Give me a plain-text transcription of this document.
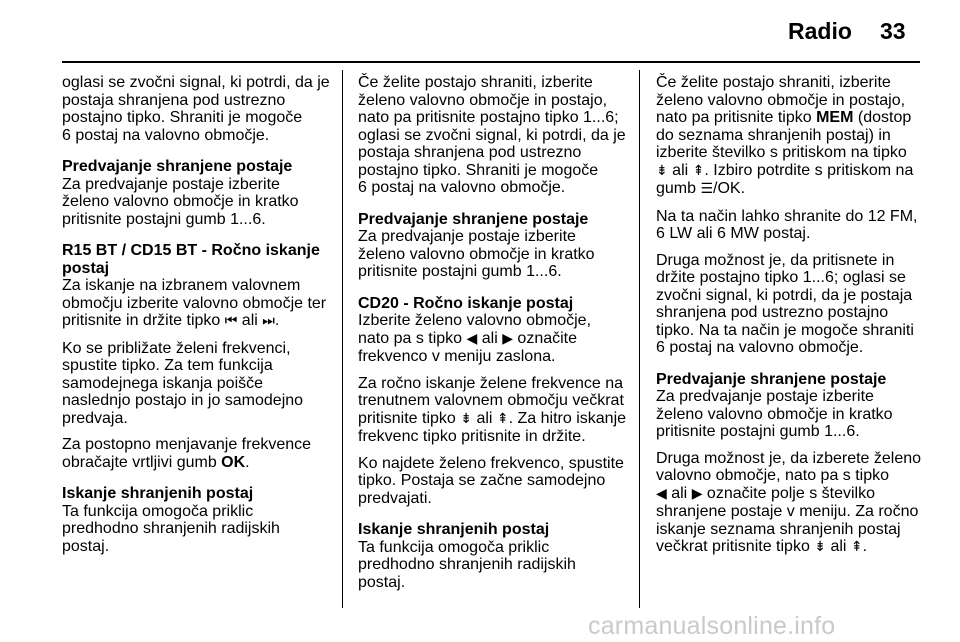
Radio 33

oglasi se zvočni signal, ki potrdi, da je
postaja shranjena pod ustrezno
postajno tipko. Shraniti je mogoče
6 postaj na valovno območje.

Predvajanje shranjene postaje

Za predvajanje postaje izberite
želeno valovno območje in kratko
pritisnite postajni gumb 1...6.

R15 BT / CD15 BT - Ročno iskanje
postaj

Za iskanje na izbranem valovnem
območju izberite valovno območje ter
pritisnite in držite tipko ⏮ ali ⏭.

Ko se približate želeni frekvenci,
spustite tipko. Za tem funkcija
samodejnega iskanja poišče
naslednjo postajo in jo samodejno
predvaja.

Za postopno menjavanje frekvence
obračajte vrtljivi gumb OK.

Iskanje shranjenih postaj

Ta funkcija omogoča priklic
predhodno shranjenih radijskih
postaj.

Če želite postajo shraniti, izberite
želeno valovno območje in postajo,
nato pa pritisnite postajno tipko 1...6;
oglasi se zvočni signal, ki potrdi, da je
postaja shranjena pod ustrezno
postajno tipko. Shraniti je mogoče
6 postaj na valovno območje.

Predvajanje shranjene postaje

Za predvajanje postaje izberite
želeno valovno območje in kratko
pritisnite postajni gumb 1...6.

CD20 - Ročno iskanje postaj

Izberite želeno valovno območje,
nato pa s tipko ◀ ali ▶ označite
frekvenco v meniju zaslona.

Za ročno iskanje želene frekvence na
trenutnem valovnem območju večkrat
pritisnite tipko ⇟ ali ⇞. Za hitro iskanje
frekvenc tipko pritisnite in držite.

Ko najdete želeno frekvenco, spustite
tipko. Postaja se začne samodejno
predvajati.

Iskanje shranjenih postaj

Ta funkcija omogoča priklic
predhodno shranjenih radijskih
postaj.

Če želite postajo shraniti, izberite
želeno valovno območje in postajo,
nato pa pritisnite tipko MEM (dostop
do seznama shranjenih postaj) in
izberite številko s pritiskom na tipko
⇟ ali ⇞. Izbiro potrdite s pritiskom na
gumb ☰/OK.

Na ta način lahko shranite do 12 FM,
6 LW ali 6 MW postaj.

Druga možnost je, da pritisnete in
držite postajno tipko 1...6; oglasi se
zvočni signal, ki potrdi, da je postaja
shranjena pod ustrezno postajno
tipko. Na ta način je mogoče shraniti
6 postaj na valovno območje.

Predvajanje shranjene postaje

Za predvajanje postaje izberite
želeno valovno območje in kratko
pritisnite postajni gumb 1...6.

Druga možnost je, da izberete želeno
valovno območje, nato pa s tipko
◀ ali ▶ označite polje s številko
shranjene postaje v meniju. Za ročno
iskanje seznama shranjenih postaj
večkrat pritisnite tipko ⇟ ali ⇞.

carmanualsonline.info
